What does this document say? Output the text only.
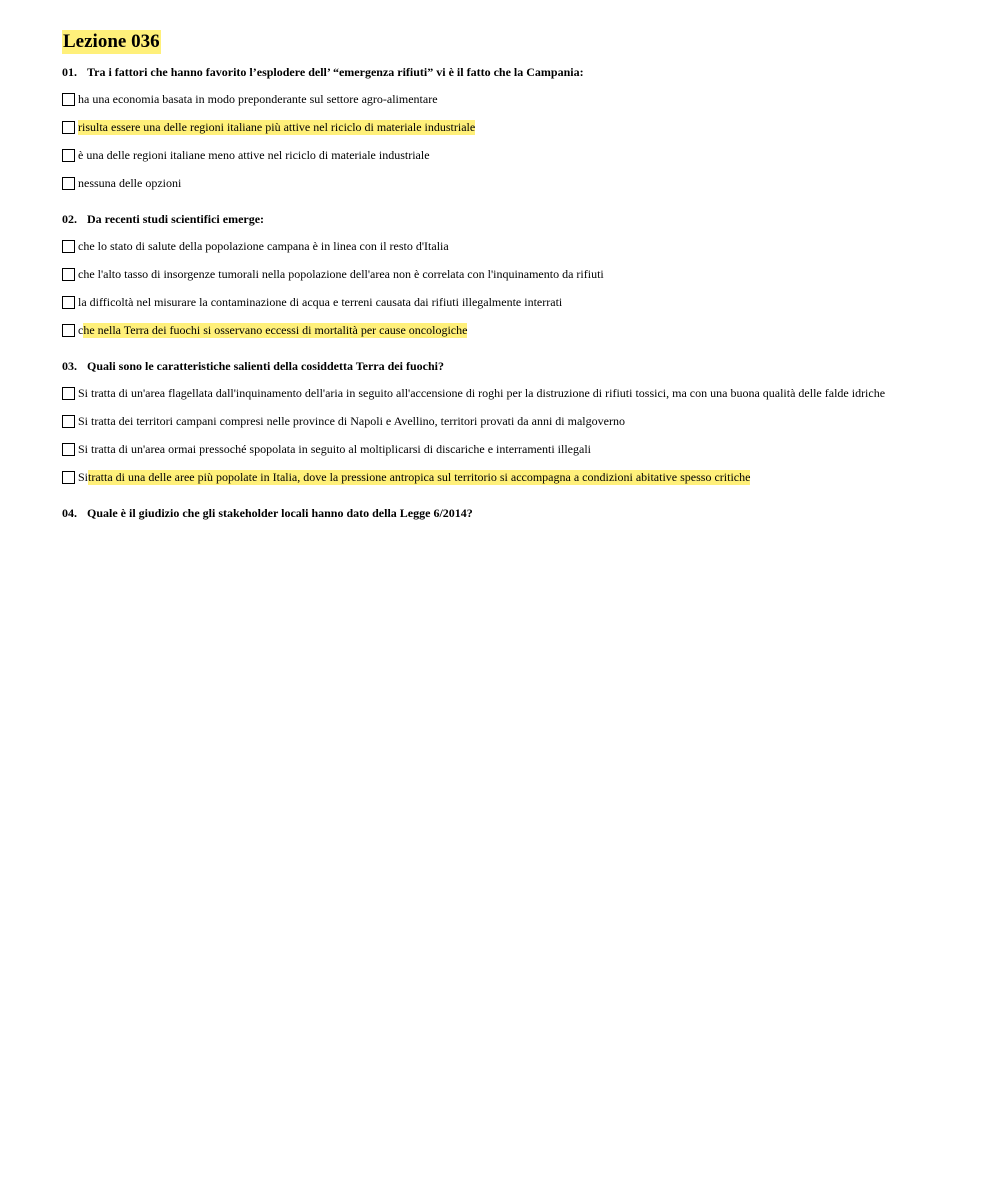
Lezione 036
01. Tra i fattori che hanno favorito l’esplodere dell’ “emergenza rifiuti” vi è il fatto che la Campania:
ha una economia basata in modo preponderante sul settore agro-alimentare
risulta essere una delle regioni italiane più attive nel riciclo di materiale industriale
è una delle regioni italiane meno attive nel riciclo di materiale industriale
nessuna delle opzioni
02. Da recenti studi scientifici emerge:
che lo stato di salute della popolazione campana è in linea con il resto d'Italia
che l'alto tasso di insorgenze tumorali nella popolazione dell'area non è correlata con l'inquinamento da rifiuti
la difficoltà nel misurare la contaminazione di acqua e terreni causata dai rifiuti illegalmente interrati
c he nella Terra dei fuochi si osservano eccessi di mortalità per cause oncologiche
03. Quali sono le caratteristiche salienti della cosiddetta Terra dei fuochi?
Si tratta di un'area flagellata dall'inquinamento dell'aria in seguito all'accensione di roghi per la distruzione di rifiuti tossici, ma con una buona qualità delle falde idriche
Si tratta dei territori campani compresi nelle province di Napoli e Avellino, territori provati da anni di malgoverno
Si tratta di un'area ormai pressoché spopolata in seguito al moltiplicarsi di discariche e interramenti illegali
Si tratta di una delle aree più popolate in Italia, dove la pressione antropica sul territorio si accompagna a condizioni abitative spesso critiche
04. Quale è il giudizio che gli stakeholder locali hanno dato della Legge 6/2014?
